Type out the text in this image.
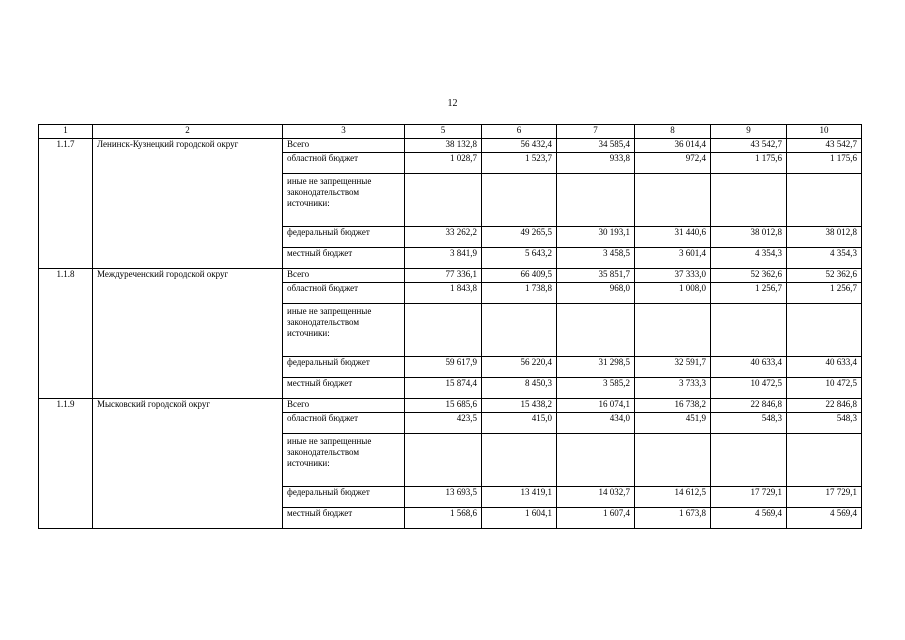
12
1	2	3	5	6	7	8	9	10
1.1.7	Ленинск-Кузнецкий городской округ	Всего	38 132,8	56 432,4	34 585,4	36 014,4	43 542,7	43 542,7
		областной бюджет	1 028,7	1 523,7	933,8	972,4	1 175,6	1 175,6
		иные не запрещенные законодательством источники:						
		федеральный бюджет	33 262,2	49 265,5	30 193,1	31 440,6	38 012,8	38 012,8
		местный бюджет	3 841,9	5 643,2	3 458,5	3 601,4	4 354,3	4 354,3
1.1.8	Междуреченский городской округ	Всего	77 336,1	66 409,5	35 851,7	37 333,0	52 362,6	52 362,6
		областной бюджет	1 843,8	1 738,8	968,0	1 008,0	1 256,7	1 256,7
		иные не запрещенные законодательством источники:						
		федеральный бюджет	59 617,9	56 220,4	31 298,5	32 591,7	40 633,4	40 633,4
		местный бюджет	15 874,4	8 450,3	3 585,2	3 733,3	10 472,5	10 472,5
1.1.9	Мысковский городской округ	Всего	15 685,6	15 438,2	16 074,1	16 738,2	22 846,8	22 846,8
		областной бюджет	423,5	415,0	434,0	451,9	548,3	548,3
		иные не запрещенные законодательством источники:						
		федеральный бюджет	13 693,5	13 419,1	14 032,7	14 612,5	17 729,1	17 729,1
		местный бюджет	1 568,6	1 604,1	1 607,4	1 673,8	4 569,4	4 569,4
